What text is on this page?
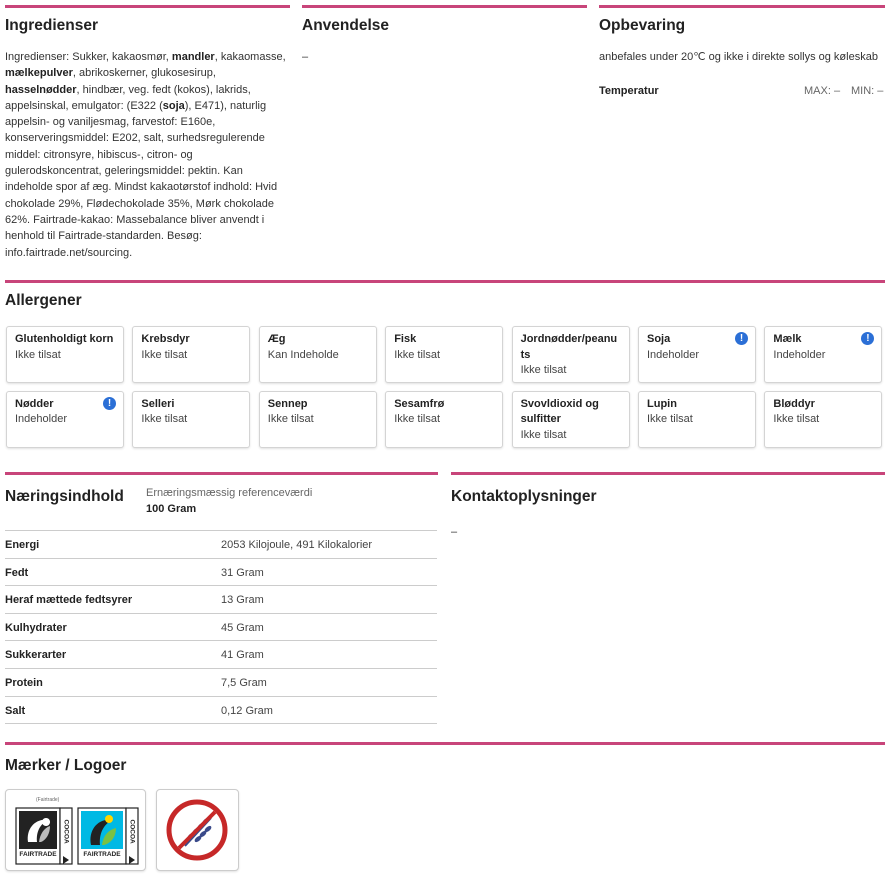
Ingredienser
Ingredienser: Sukker, kakaosmør, mandler, kakaomasse, mælkepulver, abrikoskerner, glukosesirup, hasselnødder, hindbær, veg. fedt (kokos), lakrids, appelsinskal, emulgator: (E322 (soja), E471), naturlig appelsin- og vaniljesmag, farvestof: E160e, konserveringsmiddel: E202, salt, surhedsregulerende middel: citronsyre, hibiscus-, citron- og gulerodskoncentrat, geleringsmiddel: pektin. Kan indeholde spor af æg. Mindst kakaotørstof indhold: Hvid chokolade 29%, Flødechokolade 35%, Mørk chokolade 62%. Fairtrade-kakao: Massebalance bliver anvendt i henhold til Fairtrade-standarden. Besøg: info.fairtrade.net/sourcing.
Anvendelse
–
Opbevaring
anbefales under 20℃ og ikke i direkte sollys og køleskab
Temperatur	MAX: – MIN: –
Allergener
Glutenholdigt korn
Ikke tilsat
Krebsdyr
Ikke tilsat
Æg
Kan Indeholde
Fisk
Ikke tilsat
Jordnødder/peanu
ts
Ikke tilsat
Soja
Indeholder
!	Mælk
Indeholder
!
Nødder
Indeholder
!	Selleri
Ikke tilsat
Sennep
Ikke tilsat
Sesamfrø
Ikke tilsat
Svovldioxid og
sulfitter
Ikke tilsat
Lupin
Ikke tilsat
Bløddyr
Ikke tilsat
Næringsindhold Ernæringsmæssig referenceværdi
100 Gram
Energi	2053 Kilojoule, 491 Kilokalorier
Fedt	31 Gram
Heraf mættede fedtsyrer	13 Gram
Kulhydrater	45 Gram
Sukkerarter	41 Gram
Protein	7,5 Gram
Salt	0,12 Gram
Kontaktoplysninger
–
Mærker / Logoer
(Fairtrade)
FAIRTRADE	FAIRTRADE
COCOA	COCOA
